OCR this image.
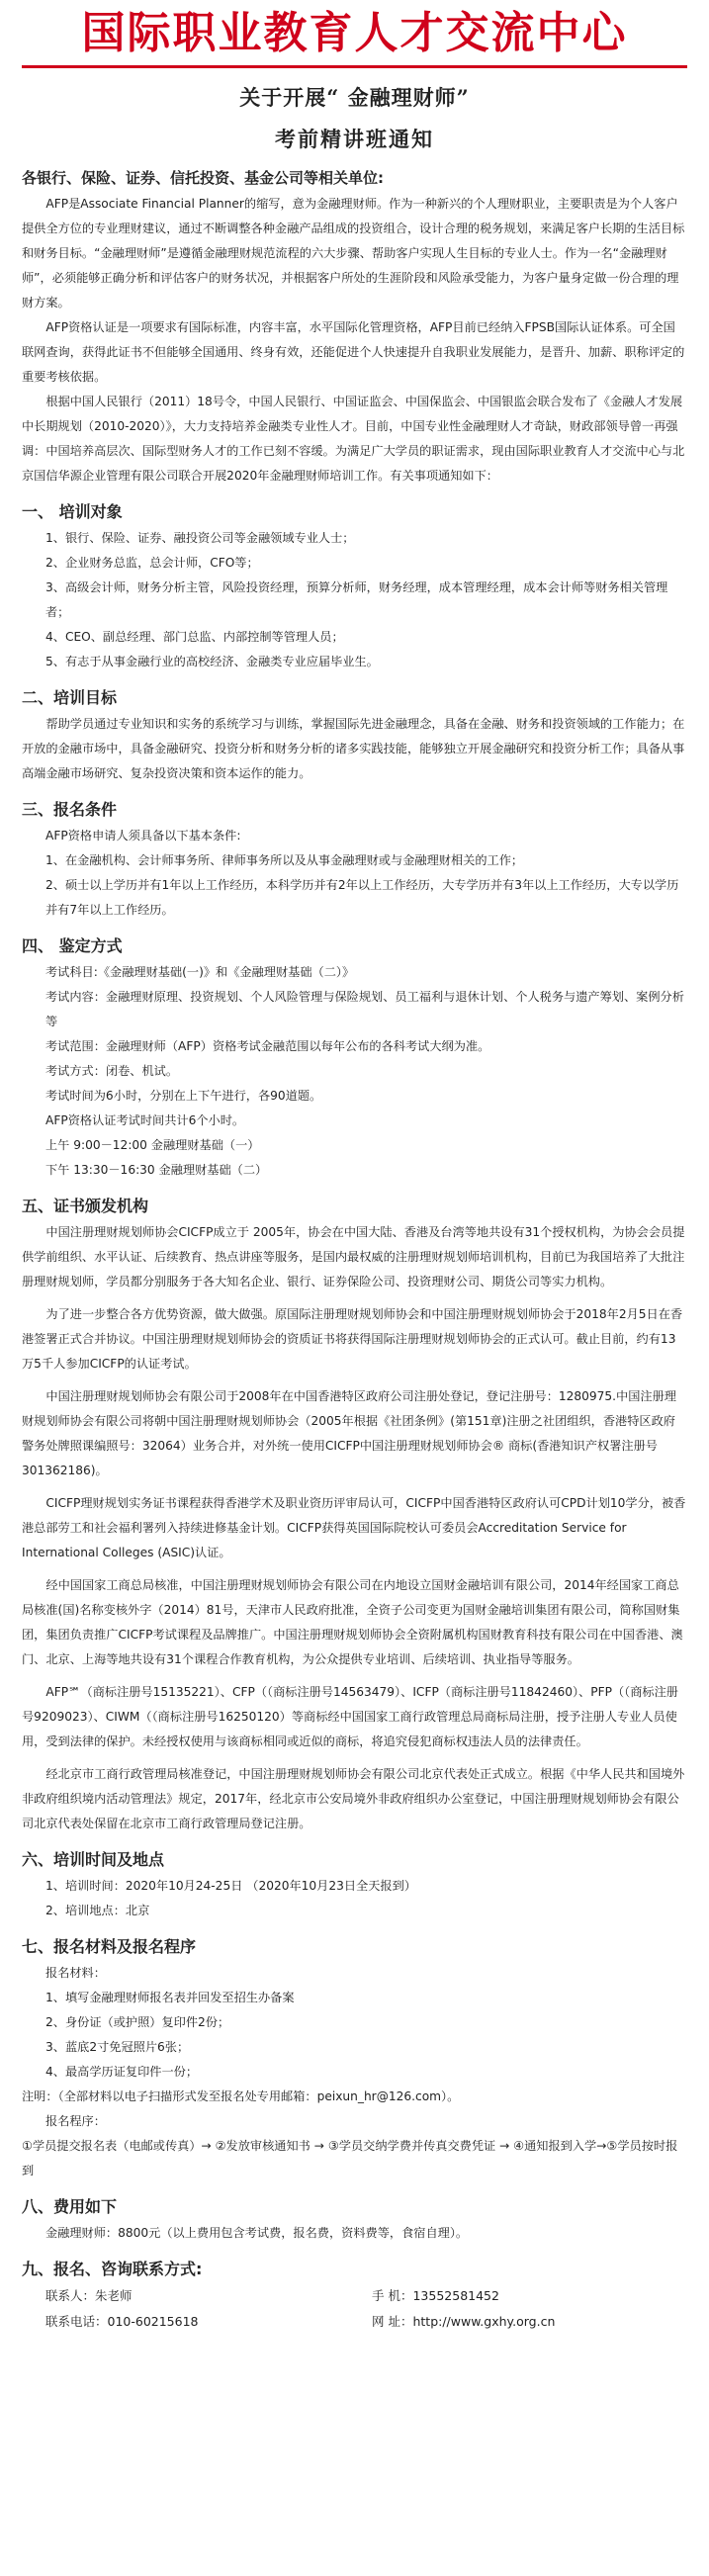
国际职业教育人才交流中心
关于开展“ 金融理财师”
考前精讲班通知
各银行、保险、证券、信托投资、基金公司等相关单位:

AFP是Associate Financial Planner的缩写，意为金融理财师。作为一种新兴的个人理财职业，主要职责是为个人客户提供全方位的专业理财建议，通过不断调整各种金融产品组成的投资组合，设计合理的税务规划，来满足客户长期的生活目标和财务目标。“金融理财师”是遵循金融理财规范流程的六大步骤、帮助客户实现人生目标的专业人士。作为一名“金融理财师”，必须能够正确分析和评估客户的财务状况，并根据客户所处的生涯阶段和风险承受能力，为客户量身定做一份合理的理财方案。

AFP资格认证是一项要求有国际标准，内容丰富，水平国际化管理资格，AFP目前已经纳入FPSB国际认证体系。可全国联网查询，获得此证书不但能够全国通用、终身有效，还能促进个人快速提升自我职业发展能力，是晋升、加薪、职称评定的重要考核依据。

根据中国人民银行（2011）18号令，中国人民银行、中国证监会、中国保监会、中国银监会联合发布了《金融人才发展中长期规划（2010-2020）》，大力支持培养金融类专业性人才。目前，中国专业性金融理财人才奇缺，财政部领导曾一再强调：中国培养高层次、国际型财务人才的工作已刻不容缓。为满足广大学员的职证需求，现由国际职业教育人才交流中心与北京国信华源企业管理有限公司联合开展2020年金融理财师培训工作。有关事项通知如下：

一、 培训对象

1、银行、保险、证券、融投资公司等金融领域专业人士；

2、企业财务总监，总会计师，CFO等；

3、高级会计师，财务分析主管，风险投资经理，预算分析师，财务经理，成本管理经理，成本会计师等财务相关管理者；

4、CEO、副总经理、部门总监、内部控制等管理人员；

5、有志于从事金融行业的高校经济、金融类专业应届毕业生。

二、培训目标

帮助学员通过专业知识和实务的系统学习与训练，掌握国际先进金融理念，具备在金融、财务和投资领域的工作能力；在开放的金融市场中，具备金融研究、投资分析和财务分析的诸多实践技能，能够独立开展金融研究和投资分析工作；具备从事高端金融市场研究、复杂投资决策和资本运作的能力。

三、报名条件

AFP资格申请人须具备以下基本条件:

1、在金融机构、会计师事务所、律师事务所以及从事金融理财或与金融理财相关的工作；

2、硕士以上学历并有1年以上工作经历，本科学历并有2年以上工作经历，大专学历并有3年以上工作经历，大专以学历并有7年以上工作经历。

四、 鉴定方式

考试科目:《金融理财基础(一)》和《金融理财基础（二）》

考试内容：金融理财原理、投资规划、个人风险管理与保险规划、员工福利与退休计划、个人税务与遗产筹划、案例分析等

考试范围：金融理财师（AFP）资格考试金融范围以每年公布的各科考试大纲为准。

考试方式：闭卷、机试。

考试时间为6小时，分别在上下午进行，各90道题。

AFP资格认证考试时间共计6个小时。

上午 9:00－12:00 金融理财基础（一）

下午 13:30－16:30 金融理财基础（二）

五、证书颁发机构

中国注册理财规划师协会CICFP成立于 2005年，协会在中国大陆、香港及台湾等地共设有31个授权机构，为协会会员提供学前组织、水平认证、后续教育、热点讲座等服务，是国内最权威的注册理财规划师培训机构，目前已为我国培养了大批注册理财规划师，学员都分别服务于各大知名企业、银行、证券保险公司、投资理财公司、期货公司等实力机构。

为了进一步整合各方优势资源，做大做强。原国际注册理财规划师协会和中国注册理财规划师协会于2018年2月5日在香港签署正式合并协议。中国注册理财规划师协会的资质证书将获得国际注册理财规划师协会的正式认可。截止目前，约有13万5千人参加CICFP的认证考试。

中国注册理财规划师协会有限公司于2008年在中国香港特区政府公司注册处登记，登记注册号：1280975.中国注册理财规划师协会有限公司将朝中国注册理财规划师协会（2005年根据《社团条例》(第151章)注册之社团组织，香港特区政府警务处牌照课编照号：32064）业务合并，对外统一使用CICFP中国注册理财规划师协会® 商标(香港知识产权署注册号301362186)。

CICFP理财规划实务证书课程获得香港学术及职业资历评审局认可，CICFP中国香港特区政府认可CPD计划10学分，被香港总部劳工和社会福利署列入持续进修基金计划。CICFP获得英国国际院校认可委员会Accreditation Service for International Colleges (ASIC)认证。

经中国国家工商总局核准，中国注册理财规划师协会有限公司在内地设立国财金融培训有限公司，2014年经国家工商总局核准(国)名称变核外字（2014）81号，天津市人民政府批准，全资子公司变更为国财金融培训集团有限公司，简称国财集团，集团负责推广CICFP考试课程及品牌推广。中国注册理财规划师协会全资附属机构国财教育科技有限公司在中国香港、澳门、北京、上海等地共设有31个课程合作教育机构，为公众提供专业培训、后续培训、执业指导等服务。

AFP℠（商标注册号15135221）、CFP（（商标注册号14563479）、ICFP（商标注册号11842460）、PFP（（商标注册号9209023）、CIWM（（商标注册号16250120）等商标经中国国家工商行政管理总局商标局注册，授予注册人专业人员使用，受到法律的保护。未经授权使用与该商标相同或近似的商标，将追究侵犯商标权违法人员的法律责任。

经北京市工商行政管理局核准登记，中国注册理财规划师协会有限公司北京代表处正式成立。根据《中华人民共和国境外非政府组织境内活动管理法》规定，2017年，经北京市公安局境外非政府组织办公室登记，中国注册理财规划师协会有限公司北京代表处保留在北京市工商行政管理局登记注册。

六、培训时间及地点

1、培训时间：2020年10月24-25日 （2020年10月23日全天报到）

2、培训地点：北京

七、报名材料及报名程序

报名材料：

1、填写金融理财师报名表并回发至招生办备案

2、身份证（或护照）复印件2份；

3、蓝底2寸免冠照片6张；

4、最高学历证复印件一份；

注明：（全部材料以电子扫描形式发至报名处专用邮箱：peixun_hr@126.com）。

报名程序：

①学员提交报名表（电邮或传真）→ ②发放审核通知书 → ③学员交纳学费并传真交费凭证 → ④通知报到入学→⑤学员按时报到

八、费用如下

金融理财师：8800元（以上费用包含考试费，报名费，资料费等，食宿自理）。

九、报名、咨询联系方式:
联系人：朱老师	手 机：13552581452
联系电话：010-60215618	网 址：http://www.gxhy.org.cn
